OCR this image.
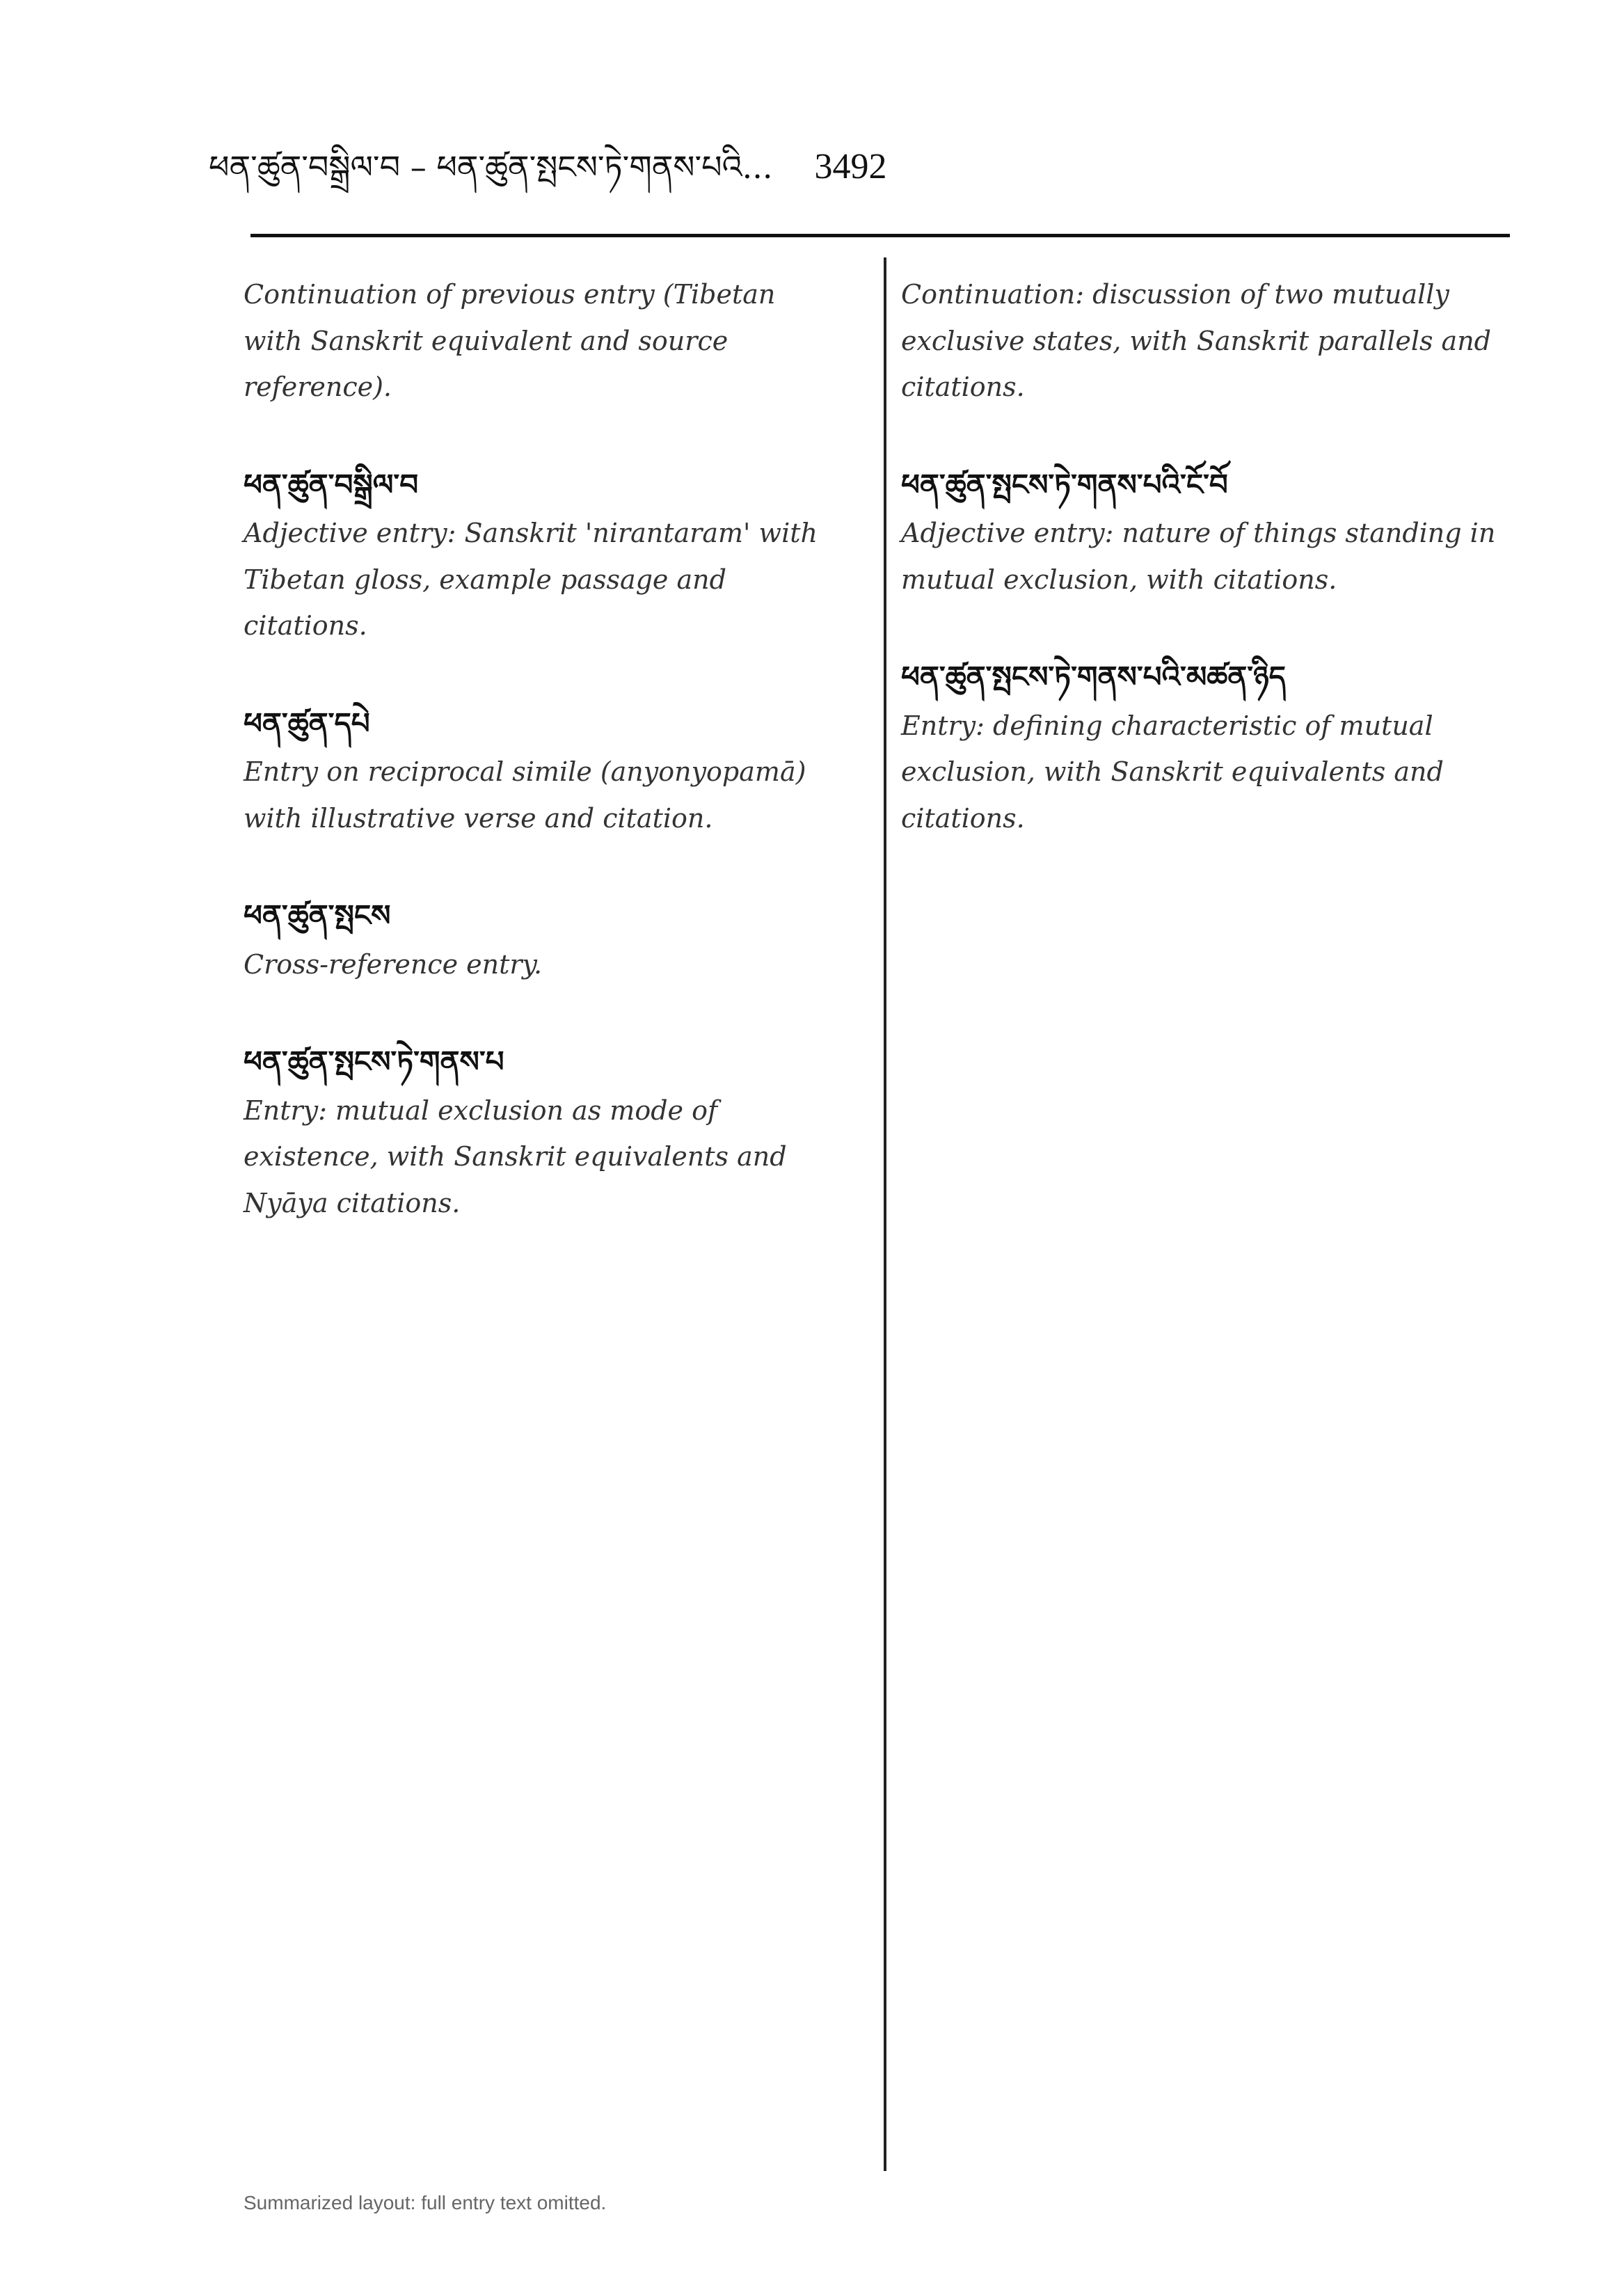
ཕན་ཚུན་བསྒྲིལ་བ – ཕན་ཚུན་སྤངས་ཏེ་གནས་པའི... 3492
Continuation of previous entry (Tibetan with Sanskrit equivalent and source reference).
ཕན་ཚུན་བསྒྲིལ་བ
Adjective entry: Sanskrit 'nirantaram' with Tibetan gloss, example passage and citations.
ཕན་ཚུན་དཔེ
Entry on reciprocal simile (anyonyopamā) with illustrative verse and citation.
ཕན་ཚུན་སྤངས
Cross-reference entry.
ཕན་ཚུན་སྤངས་ཏེ་གནས་པ
Entry: mutual exclusion as mode of existence, with Sanskrit equivalents and Nyāya citations.
Continuation: discussion of two mutually exclusive states, with Sanskrit parallels and citations.
ཕན་ཚུན་སྤངས་ཏེ་གནས་པའི་ངོ་བོ
Adjective entry: nature of things standing in mutual exclusion, with citations.
ཕན་ཚུན་སྤངས་ཏེ་གནས་པའི་མཚན་ཉིད
Entry: defining characteristic of mutual exclusion, with Sanskrit equivalents and citations.
Summarized layout: full entry text omitted.
